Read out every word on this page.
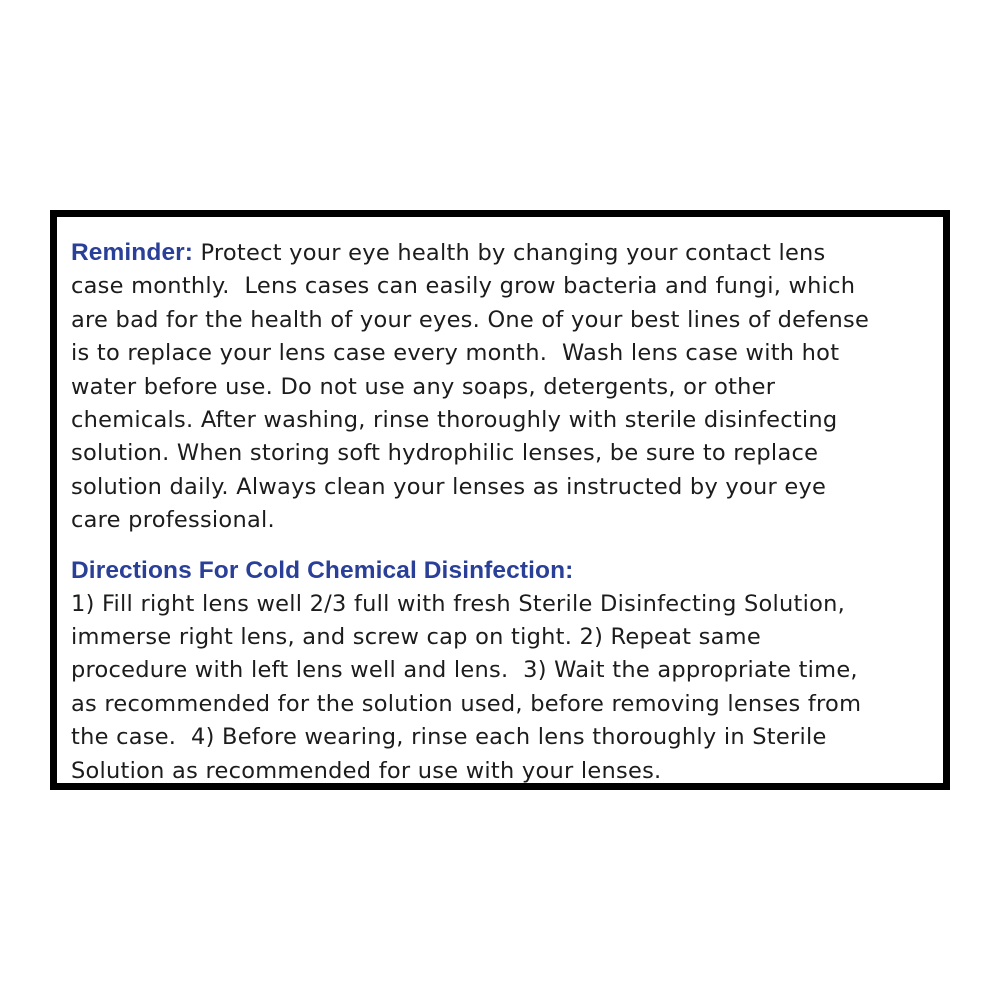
Reminder: Protect your eye health by changing your contact lens
case monthly.  Lens cases can easily grow bacteria and fungi, which
are bad for the health of your eyes. One of your best lines of defense
is to replace your lens case every month.  Wash lens case with hot
water before use. Do not use any soaps, detergents, or other
chemicals. After washing, rinse thoroughly with sterile disinfecting
solution. When storing soft hydrophilic lenses, be sure to replace
solution daily. Always clean your lenses as instructed by your eye
care professional.

Directions For Cold Chemical Disinfection:

1) Fill right lens well 2/3 full with fresh Sterile Disinfecting Solution,
immerse right lens, and screw cap on tight. 2) Repeat same
procedure with left lens well and lens.  3) Wait the appropriate time,
as recommended for the solution used, before removing lenses from
the case.  4) Before wearing, rinse each lens thoroughly in Sterile
Solution as recommended for use with your lenses.
